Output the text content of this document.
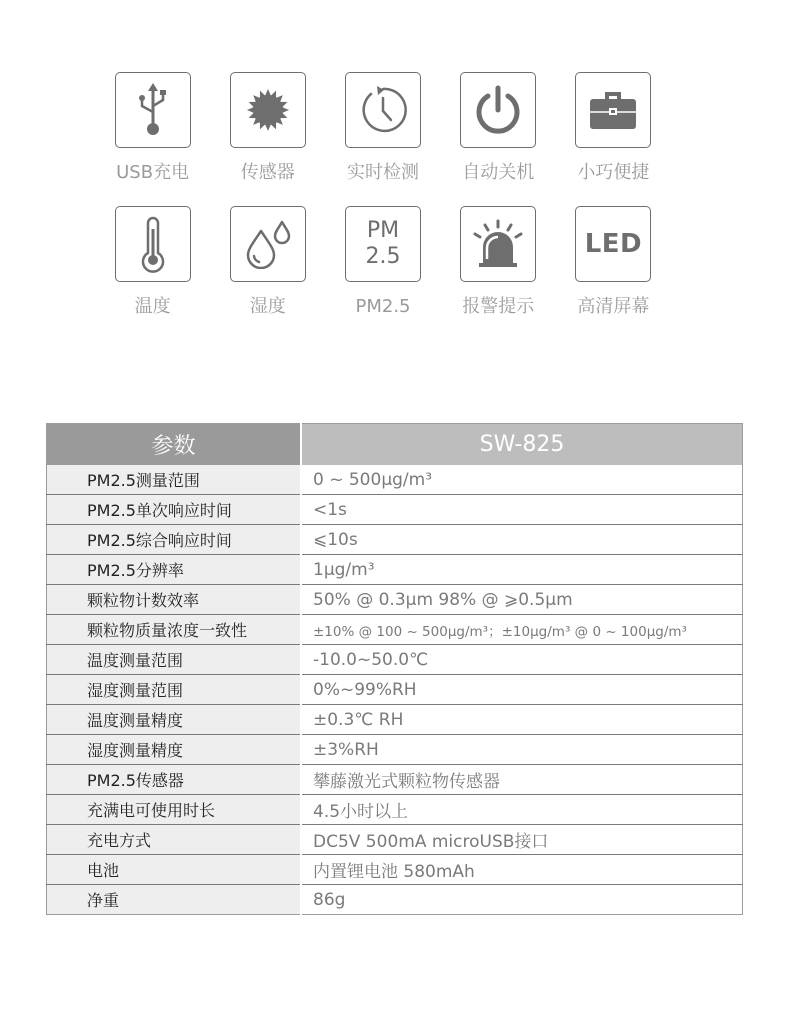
USB充电	传感器	实时检测 自动关机 小巧便捷
温度	湿度
PM
2.5
PM2.5	报警提示
LED
高清屏幕
参数	SW-825
PM2.5测量范围	0 ~ 500μg/m³
PM2.5单次响应时间	<1s
PM2.5综合响应时间	⩽10s
PM2.5分辨率	1μg/m³
颗粒物计数效率	50% @ 0.3μm 98% @ ⩾0.5μm
颗粒物质量浓度一致性	±10% @ 100 ~ 500μg/m³；±10μg/m³ @ 0 ~ 100μg/m³
温度测量范围	-10.0~50.0℃
湿度测量范围	0%~99%RH
温度测量精度	±0.3℃ RH
湿度测量精度	±3%RH
PM2.5传感器	攀藤激光式颗粒物传感器
充满电可使用时长	4.5小时以上
充电方式	DC5V 500mA microUSB接口
电池	内置锂电池 580mAh
净重	86g
